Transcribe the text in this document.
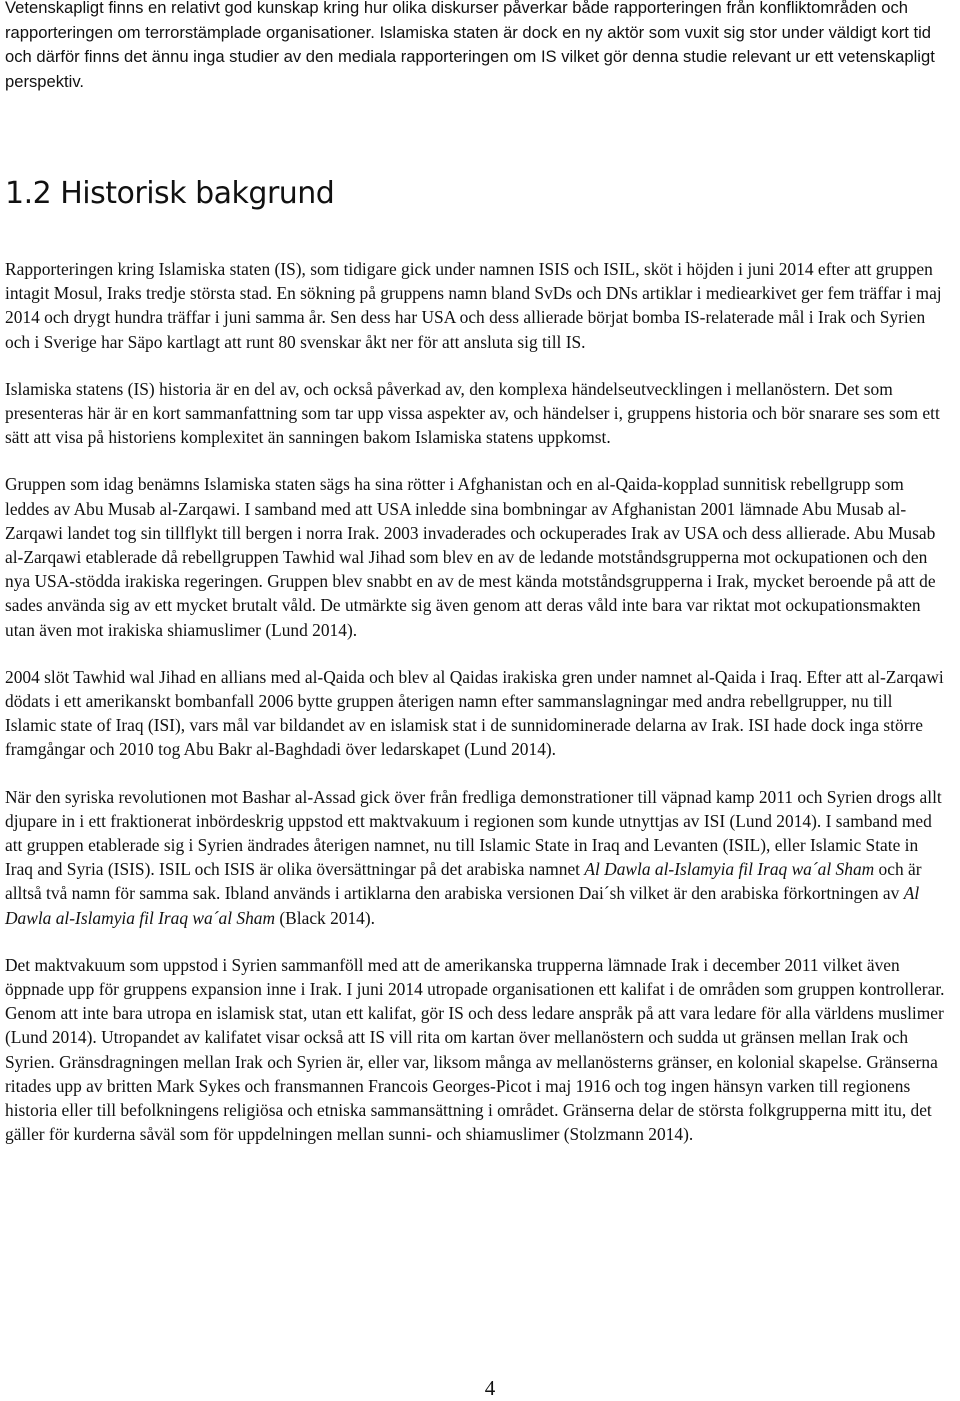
Vetenskapligt finns en relativt god kunskap kring hur olika diskurser påverkar både rapporteringen från konfliktområden och rapporteringen om terrorstämplade organisationer. Islamiska staten är dock en ny aktör som vuxit sig stor under väldigt kort tid och därför finns det ännu inga studier av den mediala rapporteringen om IS vilket gör denna studie relevant ur ett vetenskapligt perspektiv.

1.2 Historisk bakgrund

Rapporteringen kring Islamiska staten (IS), som tidigare gick under namnen ISIS och ISIL, sköt i höjden i juni 2014 efter att gruppen intagit Mosul, Iraks tredje största stad. En sökning på gruppens namn bland SvDs och DNs artiklar i mediearkivet ger fem träffar i maj 2014 och drygt hundra träffar i juni samma år. Sen dess har USA och dess allierade börjat bomba IS-relaterade mål i Irak och Syrien och i Sverige har Säpo kartlagt att runt 80 svenskar åkt ner för att ansluta sig till IS.

Islamiska statens (IS) historia är en del av, och också påverkad av, den komplexa händelseutvecklingen i mellanöstern. Det som presenteras här är en kort sammanfattning som tar upp vissa aspekter av, och händelser i, gruppens historia och bör snarare ses som ett sätt att visa på historiens komplexitet än sanningen bakom Islamiska statens uppkomst.

Gruppen som idag benämns Islamiska staten sägs ha sina rötter i Afghanistan och en al-Qaida-kopplad sunnitisk rebellgrupp som leddes av Abu Musab al-Zarqawi. I samband med att USA inledde sina bombningar av Afghanistan 2001 lämnade Abu Musab al-Zarqawi landet tog sin tillflykt till bergen i norra Irak. 2003 invaderades och ockuperades Irak av USA och dess allierade. Abu Musab al-Zarqawi etablerade då rebellgruppen Tawhid wal Jihad som blev en av de ledande motståndsgrupperna mot ockupationen och den nya USA-stödda irakiska regeringen. Gruppen blev snabbt en av de mest kända motståndsgrupperna i Irak, mycket beroende på att de sades använda sig av ett mycket brutalt våld. De utmärkte sig även genom att deras våld inte bara var riktat mot ockupationsmakten utan även mot irakiska shiamuslimer (Lund 2014).

2004 slöt Tawhid wal Jihad en allians med al-Qaida och blev al Qaidas irakiska gren under namnet al-Qaida i Iraq. Efter att al-Zarqawi dödats i ett amerikanskt bombanfall 2006 bytte gruppen återigen namn efter sammanslagningar med andra rebellgrupper, nu till Islamic state of Iraq (ISI), vars mål var bildandet av en islamisk stat i de sunnidominerade delarna av Irak. ISI hade dock inga större framgångar och 2010 tog Abu Bakr al-Baghdadi över ledarskapet (Lund 2014).

När den syriska revolutionen mot Bashar al-Assad gick över från fredliga demonstrationer till väpnad kamp 2011 och Syrien drogs allt djupare in i ett fraktionerat inbördeskrig uppstod ett maktvakuum i regionen som kunde utnyttjas av ISI (Lund 2014). I samband med att gruppen etablerade sig i Syrien ändrades återigen namnet, nu till Islamic State in Iraq and Levanten (ISIL), eller Islamic State in Iraq and Syria (ISIS). ISIL och ISIS är olika översättningar på det arabiska namnet Al Dawla al-Islamyia fil Iraq wa´al Sham och är alltså två namn för samma sak. Ibland används i artiklarna den arabiska versionen Dai´sh vilket är den arabiska förkortningen av Al Dawla al-Islamyia fil Iraq wa´al Sham (Black 2014).

Det maktvakuum som uppstod i Syrien sammanföll med att de amerikanska trupperna lämnade Irak i december 2011 vilket även öppnade upp för gruppens expansion inne i Irak. I juni 2014 utropade organisationen ett kalifat i de områden som gruppen kontrollerar. Genom att inte bara utropa en islamisk stat, utan ett kalifat, gör IS och dess ledare anspråk på att vara ledare för alla världens muslimer (Lund 2014). Utropandet av kalifatet visar också att IS vill rita om kartan över mellanöstern och sudda ut gränsen mellan Irak och Syrien. Gränsdragningen mellan Irak och Syrien är, eller var, liksom många av mellanösterns gränser, en kolonial skapelse. Gränserna ritades upp av britten Mark Sykes och fransmannen Francois Georges-Picot i maj 1916 och tog ingen hänsyn varken till regionens historia eller till befolkningens religiösa och etniska sammansättning i området. Gränserna delar de största folkgrupperna mitt itu, det gäller för kurderna såväl som för uppdelningen mellan sunni- och shiamuslimer (Stolzmann 2014).

4
